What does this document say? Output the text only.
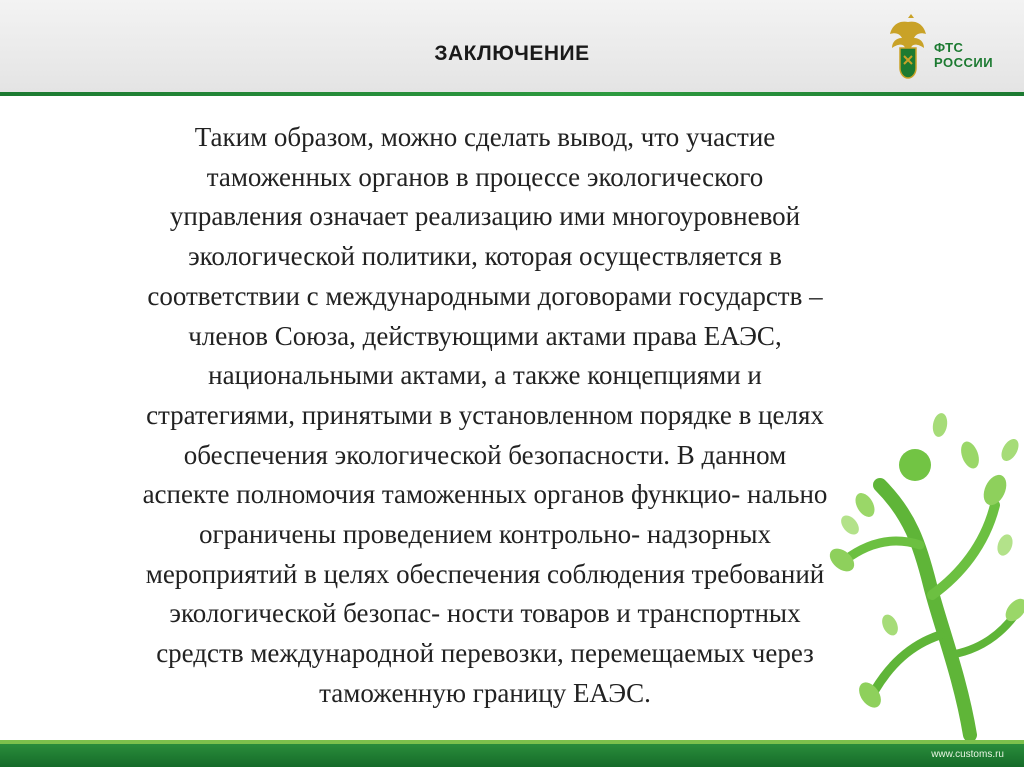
ЗАКЛЮЧЕНИЕ	ФТС
РОССИИ

Таким образом, можно сделать вывод, что участие
таможенных органов в процессе экологического
управления означает реализацию ими многоуровневой
экологической политики, которая осуществляется в
соответствии с международными договорами государств –
членов Союза, действующими актами права ЕАЭС,
национальными актами, а также концепциями и
стратегиями, принятыми в установленном порядке в целях
обеспечения экологической безопасности. В данном
аспекте полномочия таможенных органов функцио- нально
ограничены проведением контрольно- надзорных
мероприятий в целях обеспечения соблюдения требований
экологической безопас- ности товаров и транспортных
средств международной перевозки, перемещаемых через
таможенную границу ЕАЭС.

www.customs.ru
